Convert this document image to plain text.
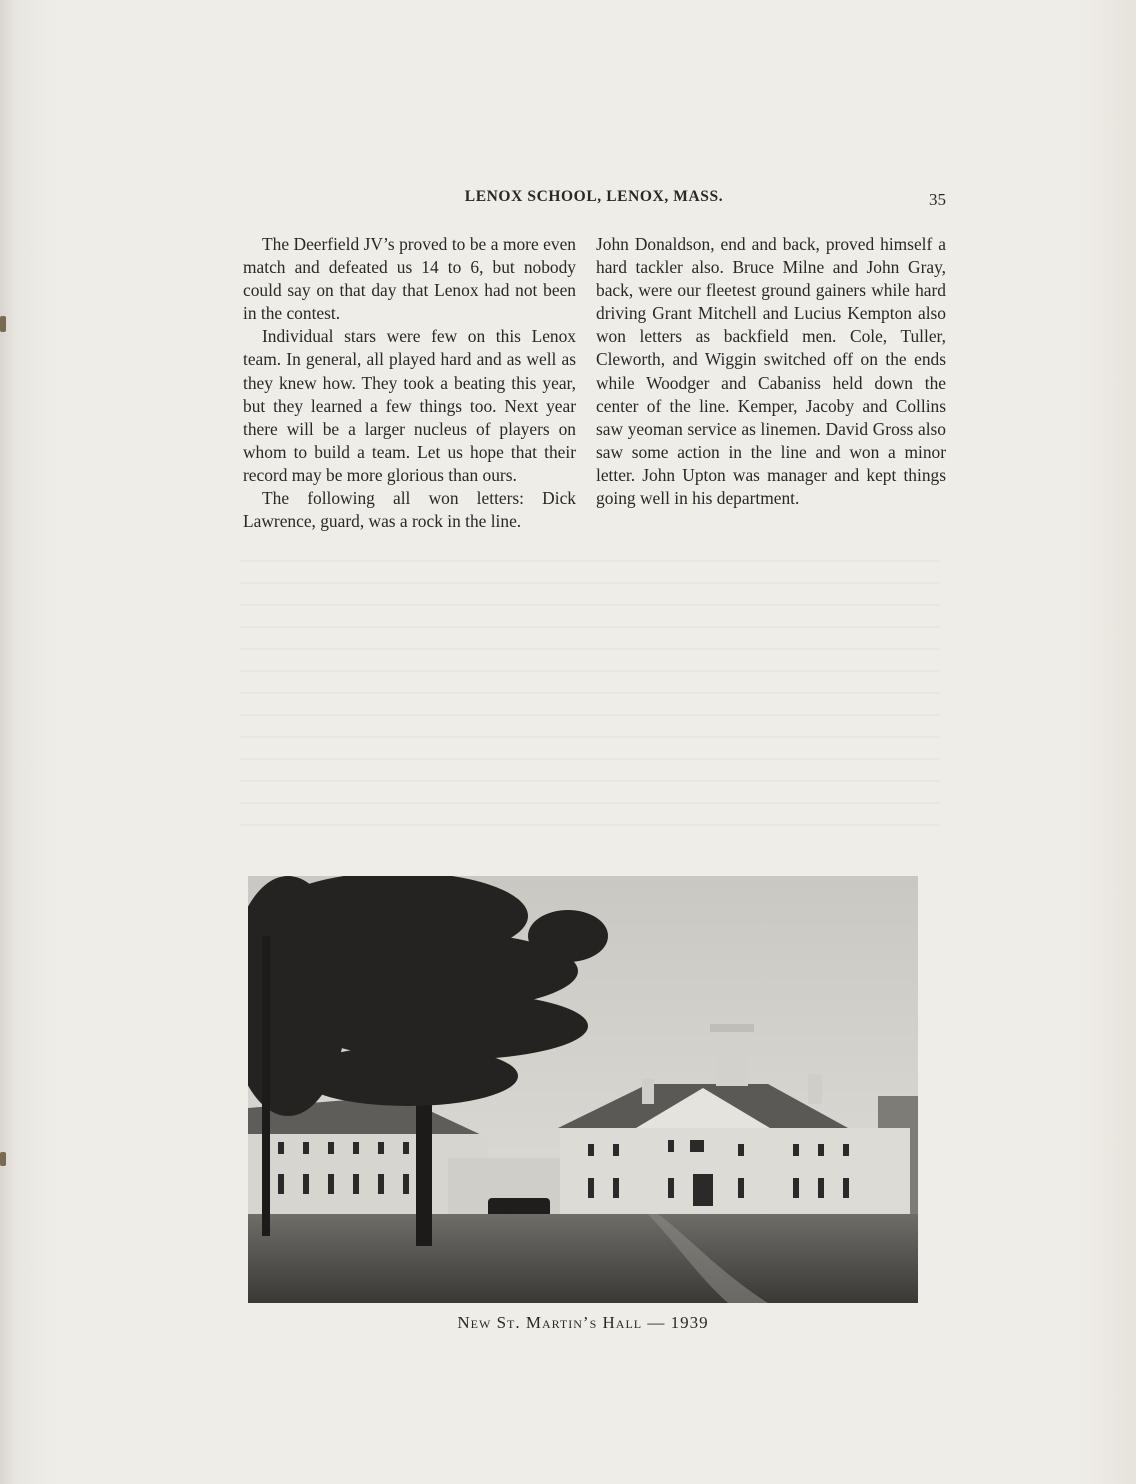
LENOX SCHOOL, LENOX, MASS.	35

The Deerfield JV’s proved to be a more even match and defeated us 14 to 6, but nobody could say on that day that Lenox had not been in the contest.

Individual stars were few on this Lenox team. In general, all played hard and as well as they knew how. They took a beating this year, but they learned a few things too. Next year there will be a larger nucleus of players on whom to build a team. Let us hope that their record may be more glorious than ours.

The following all won letters: Dick Lawrence, guard, was a rock in the line.

John Donaldson, end and back, proved himself a hard tackler also. Bruce Milne and John Gray, back, were our fleetest ground gainers while hard driving Grant Mitchell and Lucius Kempton also won letters as backfield men. Cole, Tuller, Cleworth, and Wiggin switched off on the ends while Woodger and Cabaniss held down the center of the line. Kemper, Jacoby and Collins saw yeoman service as linemen. David Gross also saw some action in the line and won a minor letter. John Upton was manager and kept things going well in his department.

New St. Martin’s Hall — 1939
